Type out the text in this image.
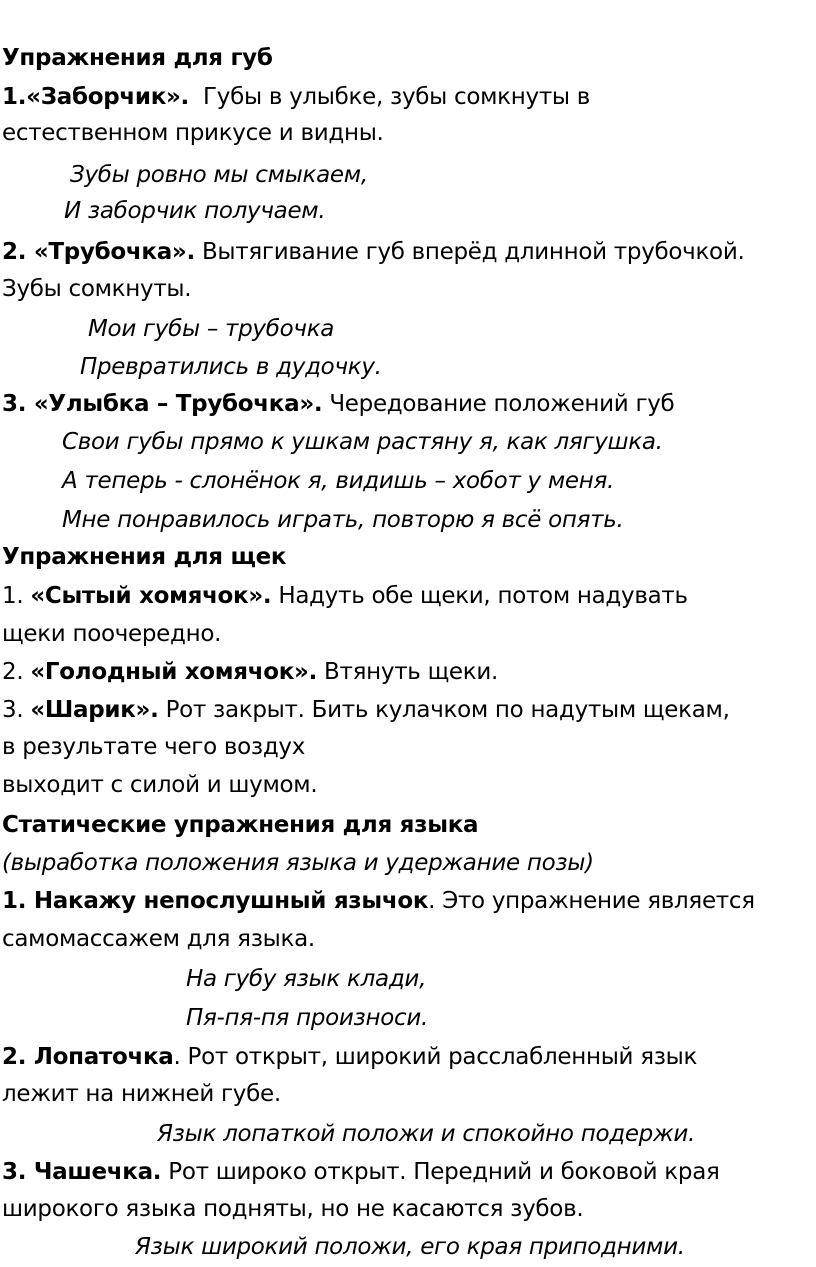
Упражнения для губ
1.«Заборчик». Губы в улыбке, зубы сомкнуты в
естественном прикусе и видны.
Зубы ровно мы смыкаем,
И заборчик получаем.
2. «Трубочка». Вытягивание губ вперёд длинной трубочкой.
Зубы сомкнуты.
Мои губы – трубочка
Превратились в дудочку.
3. «Улыбка – Трубочка». Чередование положений губ
Свои губы прямо к ушкам растяну я, как лягушка.
А теперь - слонёнок я, видишь – хобот у меня.
Мне понравилось играть, повторю я всё опять.
Упражнения для щек
1. «Сытый хомячок». Надуть обе щеки, потом надувать
щеки поочередно.
2. «Голодный хомячок». Втянуть щеки.
3. «Шарик». Рот закрыт. Бить кулачком по надутым щекам,
в результате чего воздух
выходит с силой и шумом.
Статические упражнения для языка
(выработка положения языка и удержание позы)
1. Накажу непослушный язычок. Это упражнение является
самомассажем для языка.
На губу язык клади,
Пя-пя-пя произноси.
2. Лопаточка. Рот открыт, широкий расслабленный язык
лежит на нижней губе.
Язык лопаткой положи и спокойно подержи.
3. Чашечка. Рот широко открыт. Передний и боковой края
широкого языка подняты, но не касаются зубов.
Язык широкий положи, его края приподними.
